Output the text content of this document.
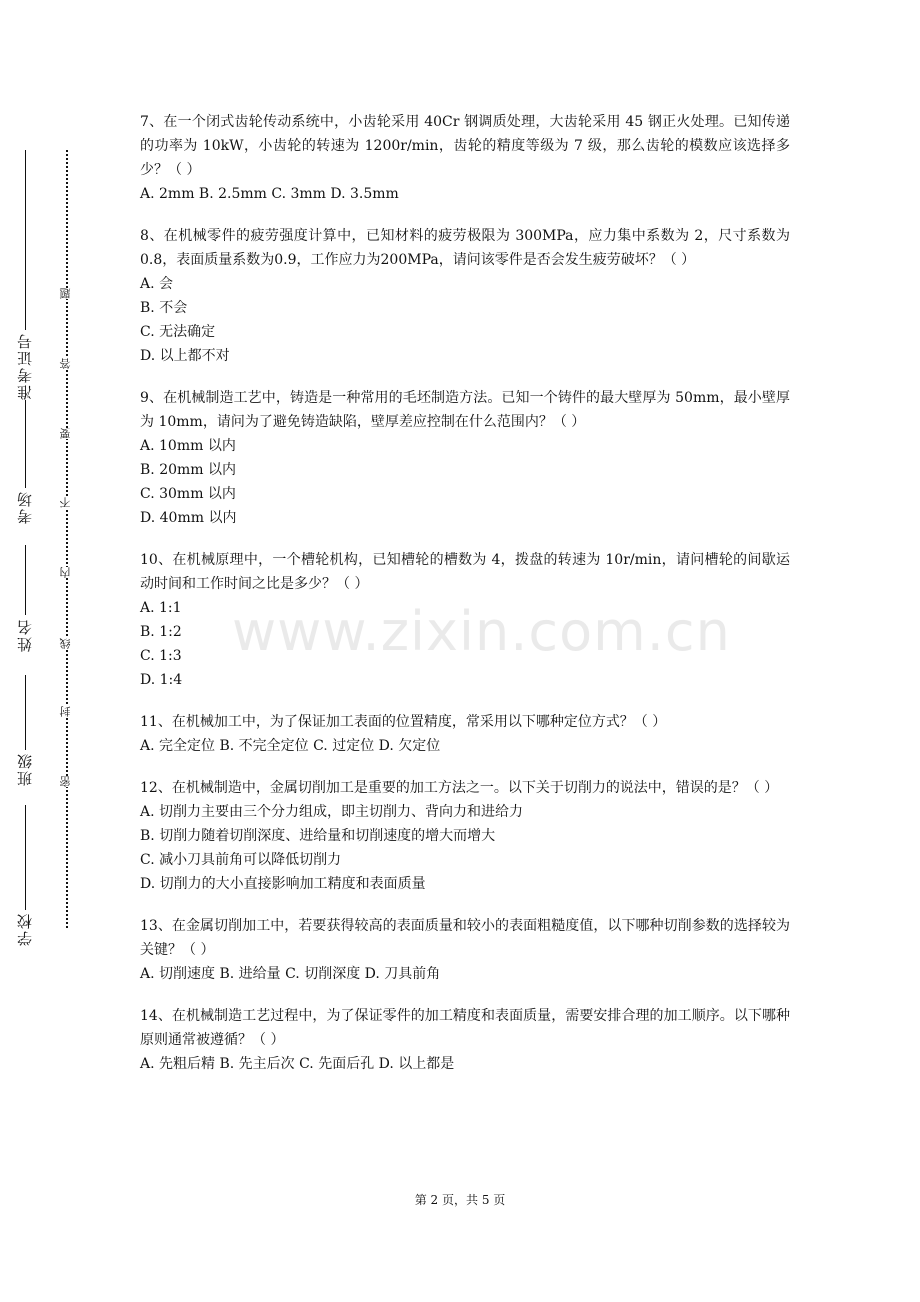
准考证号
考场
姓名
班级
学校
题
答
要
不
内
线
封
密
7、在一个闭式齿轮传动系统中，小齿轮采用 40Cr 钢调质处理，大齿轮采用 45 钢正火处理。已知传递的功率为 10kW，小齿轮的转速为 1200r/min，齿轮的精度等级为 7 级，那么齿轮的模数应该选择多少？（ ）
A. 2mm B. 2.5mm C. 3mm D. 3.5mm
8、在机械零件的疲劳强度计算中，已知材料的疲劳极限为 300MPa，应力集中系数为 2，尺寸系数为0.8，表面质量系数为0.9，工作应力为200MPa，请问该零件是否会发生疲劳破坏？（ ）
A. 会
B. 不会
C. 无法确定
D. 以上都不对
9、在机械制造工艺中，铸造是一种常用的毛坯制造方法。已知一个铸件的最大壁厚为 50mm，最小壁厚为 10mm，请问为了避免铸造缺陷，壁厚差应控制在什么范围内？（ ）
A. 10mm 以内
B. 20mm 以内
C. 30mm 以内
D. 40mm 以内
10、在机械原理中，一个槽轮机构，已知槽轮的槽数为 4，拨盘的转速为 10r/min，请问槽轮的间歇运动时间和工作时间之比是多少？（ ）
A. 1:1
B. 1:2
C. 1:3
D. 1:4
11、在机械加工中，为了保证加工表面的位置精度，常采用以下哪种定位方式？（ ）
A. 完全定位 B. 不完全定位 C. 过定位 D. 欠定位
12、在机械制造中，金属切削加工是重要的加工方法之一。以下关于切削力的说法中，错误的是？（ ）
A. 切削力主要由三个分力组成，即主切削力、背向力和进给力
B. 切削力随着切削深度、进给量和切削速度的增大而增大
C. 减小刀具前角可以降低切削力
D. 切削力的大小直接影响加工精度和表面质量
13、在金属切削加工中，若要获得较高的表面质量和较小的表面粗糙度值，以下哪种切削参数的选择较为关键？（ ）
A. 切削速度 B. 进给量 C. 切削深度 D. 刀具前角
14、在机械制造工艺过程中，为了保证零件的加工精度和表面质量，需要安排合理的加工顺序。以下哪种原则通常被遵循？（ ）
A. 先粗后精 B. 先主后次 C. 先面后孔 D. 以上都是
www.zixin.com.cn
第 2 页，共 5 页
